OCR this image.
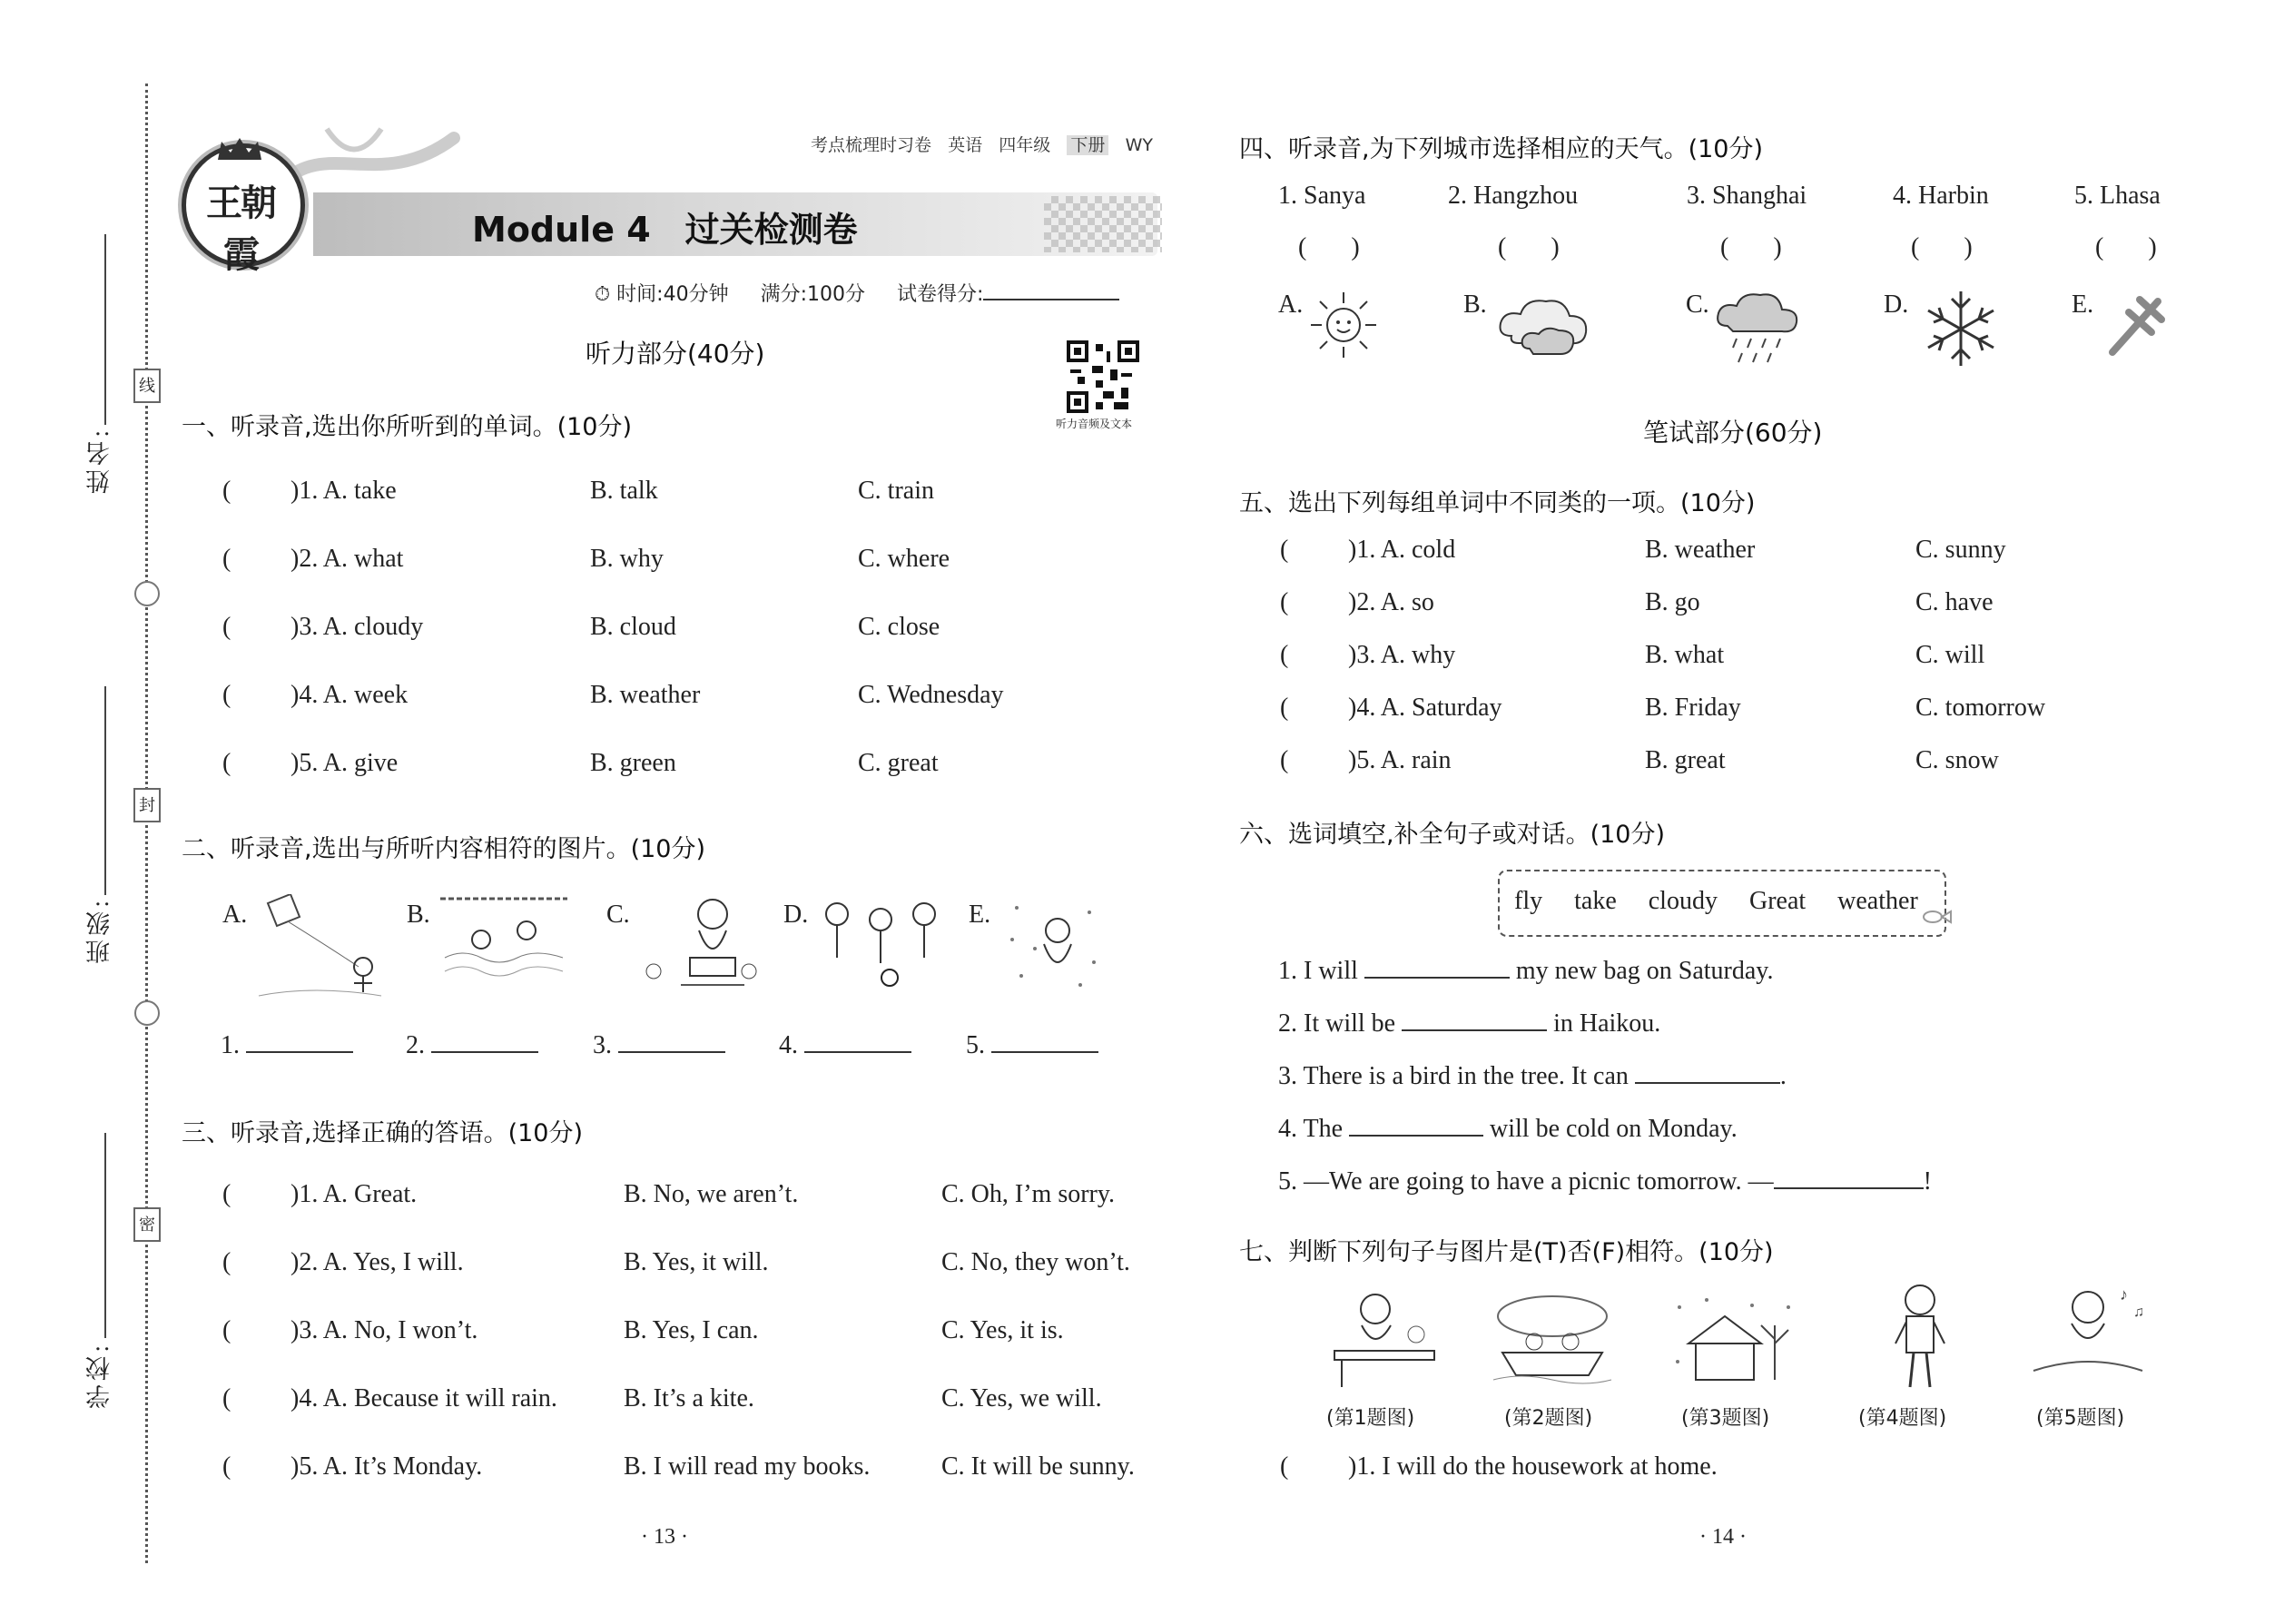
线
封
密
姓名:
班级:
学校:
考点梳理时习卷 英语 四年级 下册 WY
王朝霞
Module 4　过关检测卷
⏱ 时间:40分钟 满分:100分 试卷得分:
听力音频及文本
听力部分(40分)
一、听录音,选出你所听到的单词。(10分)
( )1. A. take	B. talk	C. train
( )2. A. what	B. why	C. where
( )3. A. cloudy	B. cloud	C. close
( )4. A. week	B. weather	C. Wednesday
( )5. A. give	B. green	C. great
二、听录音,选出与所听内容相符的图片。(10分)
A.	B.	C.	D.	E.
1.	2.	3.	4.	5.
三、听录音,选择正确的答语。(10分)
( )1. A. Great.	B. No, we aren’t.	C. Oh, I’m sorry.
( )2. A. Yes, I will.	B. Yes, it will.	C. No, they won’t.
( )3. A. No, I won’t.	B. Yes, I can.	C. Yes, it is.
( )4. A. Because it will rain.	B. It’s a kite.	C. Yes, we will.
( )5. A. It’s Monday.	B. I will read my books.	C. It will be sunny.
· 13 ·
四、听录音,为下列城市选择相应的天气。(10分)
1. Sanya	2. Hangzhou	3. Shanghai	4. Harbin	5. Lhasa
(       )	(       )	(       )	(       )	(       )
A.	B.	C.	D.	E.
笔试部分(60分)
五、选出下列每组单词中不同类的一项。(10分)
( )1. A. cold	B. weather	C. sunny
( )2. A. so	B. go	C. have
( )3. A. why	B. what	C. will
( )4. A. Saturday	B. Friday	C. tomorrow
( )5. A. rain	B. great	C. snow
六、选词填空,补全句子或对话。(10分)
fly take cloudy Great weather
1. I will	my new bag on Saturday.
2. It will be	in Haikou.
3. There is a bird in the tree. It can	.
4. The	will be cold on Monday.
5. —We are going to have a picnic tomorrow. —	!
七、判断下列句子与图片是(T)否(F)相符。(10分)
♪
♫
(第1题图)	(第2题图)	(第3题图)	(第4题图)	(第5题图)
( )1. I will do the housework at home.
· 14 ·
